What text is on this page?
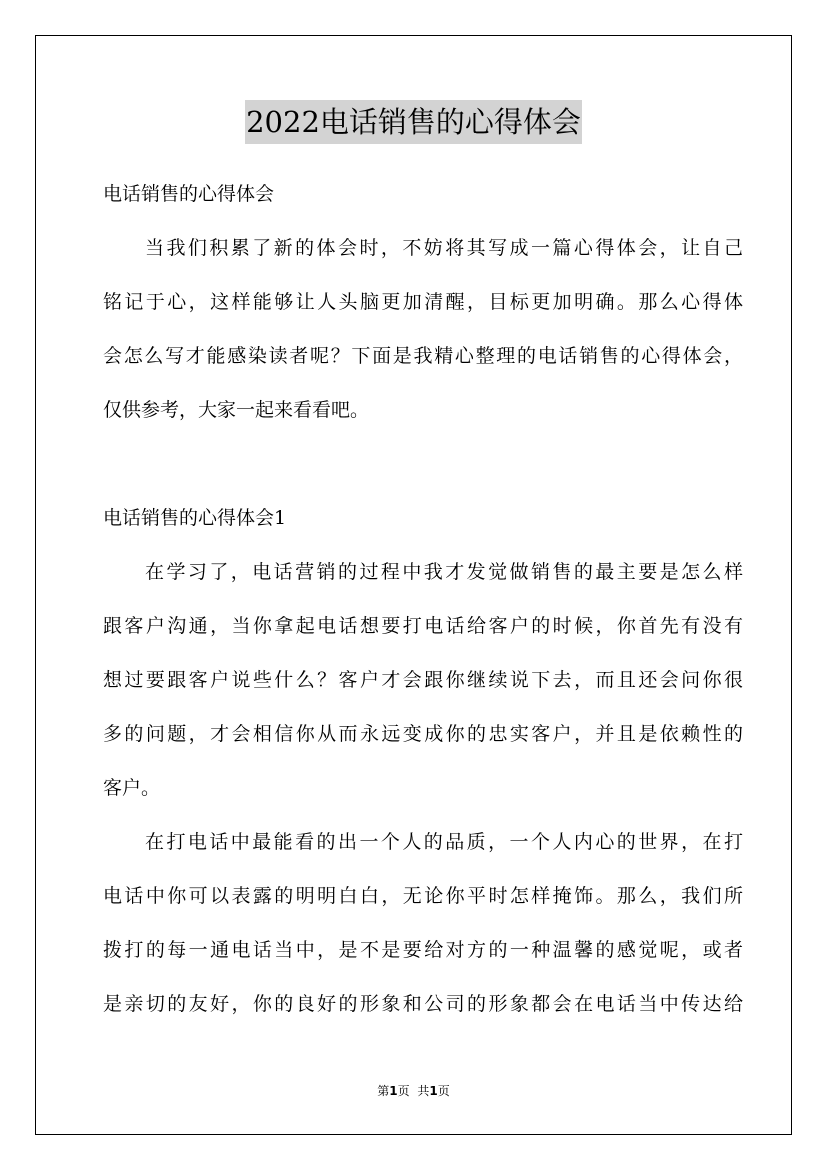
2022电话销售的心得体会
电话销售的心得体会
当我们积累了新的体会时，不妨将其写成一篇心得体会，让自己
铭记于心，这样能够让人头脑更加清醒，目标更加明确。那么心得体
会怎么写才能感染读者呢？下面是我精心整理的电话销售的心得体会，
仅供参考，大家一起来看看吧。
电话销售的心得体会1
在学习了，电话营销的过程中我才发觉做销售的最主要是怎么样
跟客户沟通，当你拿起电话想要打电话给客户的时候，你首先有没有
想过要跟客户说些什么？客户才会跟你继续说下去，而且还会问你很
多的问题，才会相信你从而永远变成你的忠实客户，并且是依赖性的
客户。
在打电话中最能看的出一个人的品质，一个人内心的世界，在打
电话中你可以表露的明明白白，无论你平时怎样掩饰。那么，我们所
拨打的每一通电话当中，是不是要给对方的一种温馨的感觉呢，或者
是亲切的友好，你的良好的形象和公司的形象都会在电话当中传达给
第1页 共1页
